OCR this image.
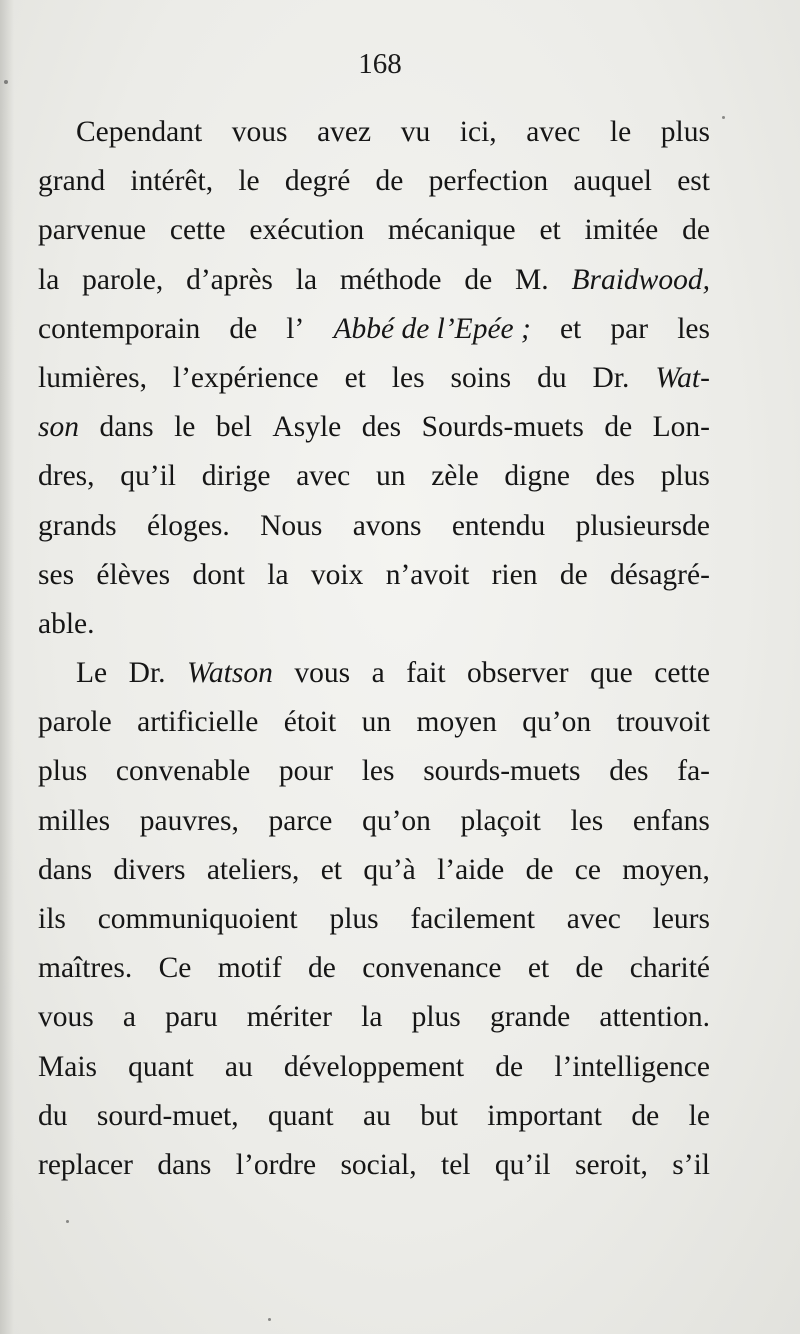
168
Cependant vous avez vu ici, avec le plus
grand intérêt, le degré de perfection auquel est
parvenue cette exécution mécanique et imitée de
la parole, d’après la méthode de M. Braidwood,
contemporain de l’ Abbé de l’Epée ; et par les
lumières, l’expérience et les soins du Dr. Wat-
son dans le bel Asyle des Sourds-muets de Lon-
dres, qu’il dirige avec un zèle digne des plus
grands éloges. Nous avons entendu plusieursde
ses élèves dont la voix n’avoit rien de désagré-
able.
Le Dr. Watson vous a fait observer que cette
parole artificielle étoit un moyen qu’on trouvoit
plus convenable pour les sourds-muets des fa-
milles pauvres, parce qu’on plaçoit les enfans
dans divers ateliers, et qu’à l’aide de ce moyen,
ils communiquoient plus facilement avec leurs
maîtres. Ce motif de convenance et de charité
vous a paru mériter la plus grande attention.
Mais quant au développement de l’intelligence
du sourd-muet, quant au but important de le
replacer dans l’ordre social, tel qu’il seroit, s’il
